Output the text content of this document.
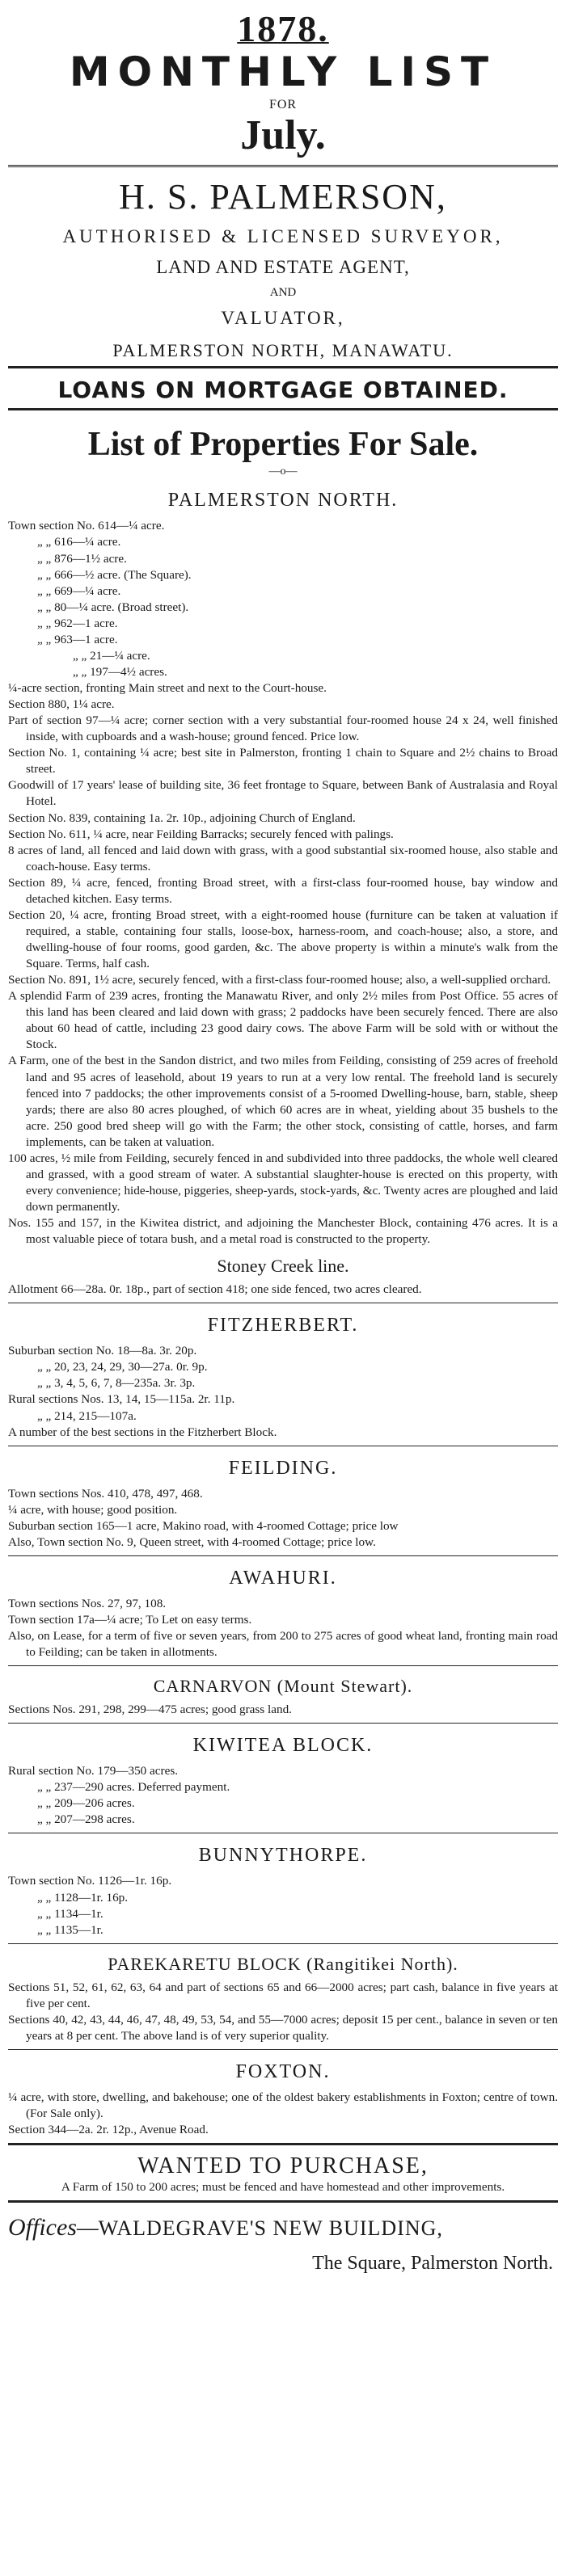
1878.
MONTHLY LIST
FOR
July.
H. S. PALMERSON,
AUTHORISED & LICENSED SURVEYOR,
LAND AND ESTATE AGENT,
AND
VALUATOR,
PALMERSTON NORTH, MANAWATU.
LOANS ON MORTGAGE OBTAINED.
List of Properties For Sale.
—o—
PALMERSTON NORTH.
Town section No. 614—¼ acre.
„ „ 616—¼ acre.
„ „ 876—1½ acre.
„ „ 666—½ acre. (The Square).
„ „ 669—¼ acre.
„ „ 80—¼ acre. (Broad street).
„ „ 962—1 acre.
„ „ 963—1 acre.
„ „ 21—¼ acre.
„ „ 197—4½ acres.
¼-acre section, fronting Main street and next to the Court-house.
Section 880, 1¼ acre.
Part of section 97—¼ acre; corner section with a very substantial four-roomed house 24 x 24, well finished inside, with cupboards and a wash-house; ground fenced. Price low.
Section No. 1, containing ¼ acre; best site in Palmerston, fronting 1 chain to Square and 2½ chains to Broad street.
Goodwill of 17 years' lease of building site, 36 feet frontage to Square, between Bank of Australasia and Royal Hotel.
Section No. 839, containing 1a. 2r. 10p., adjoining Church of England.
Section No. 611, ¼ acre, near Feilding Barracks; securely fenced with palings.
8 acres of land, all fenced and laid down with grass, with a good substantial six-roomed house, also stable and coach-house. Easy terms.
Section 89, ¼ acre, fenced, fronting Broad street, with a first-class four-roomed house, bay window and detached kitchen. Easy terms.
Section 20, ¼ acre, fronting Broad street, with a eight-roomed house (furniture can be taken at valuation if required, a stable, containing four stalls, loose-box, harness-room, and coach-house; also, a store, and dwelling-house of four rooms, good garden, &c. The above property is within a minute's walk from the Square. Terms, half cash.
Section No. 891, 1½ acre, securely fenced, with a first-class four-roomed house; also, a well-supplied orchard.
A splendid Farm of 239 acres, fronting the Manawatu River, and only 2½ miles from Post Office. 55 acres of this land has been cleared and laid down with grass; 2 paddocks have been securely fenced. There are also about 60 head of cattle, including 23 good dairy cows. The above Farm will be sold with or without the Stock.
A Farm, one of the best in the Sandon district, and two miles from Feilding, consisting of 259 acres of freehold land and 95 acres of leasehold, about 19 years to run at a very low rental. The freehold land is securely fenced into 7 paddocks; the other improvements consist of a 5-roomed Dwelling-house, barn, stable, sheep yards; there are also 80 acres ploughed, of which 60 acres are in wheat, yielding about 35 bushels to the acre. 250 good bred sheep will go with the Farm; the other stock, consisting of cattle, horses, and farm implements, can be taken at valuation.
100 acres, ½ mile from Feilding, securely fenced in and subdivided into three paddocks, the whole well cleared and grassed, with a good stream of water. A substantial slaughter-house is erected on this property, with every convenience; hide-house, piggeries, sheep-yards, stock-yards, &c. Twenty acres are ploughed and laid down permanently.
Nos. 155 and 157, in the Kiwitea district, and adjoining the Manchester Block, containing 476 acres. It is a most valuable piece of totara bush, and a metal road is constructed to the property.
Stoney Creek line.
Allotment 66—28a. 0r. 18p., part of section 418; one side fenced, two acres cleared.
FITZHERBERT.
Suburban section No. 18—8a. 3r. 20p.
„ „ 20, 23, 24, 29, 30—27a. 0r. 9p.
„ „ 3, 4, 5, 6, 7, 8—235a. 3r. 3p.
Rural sections Nos. 13, 14, 15—115a. 2r. 11p.
„ „ 214, 215—107a.
A number of the best sections in the Fitzherbert Block.
FEILDING.
Town sections Nos. 410, 478, 497, 468.
¼ acre, with house; good position.
Suburban section 165—1 acre, Makino road, with 4-roomed Cottage; price low
Also, Town section No. 9, Queen street, with 4-roomed Cottage; price low.
AWAHURI.
Town sections Nos. 27, 97, 108.
Town section 17a—¼ acre; To Let on easy terms.
Also, on Lease, for a term of five or seven years, from 200 to 275 acres of good wheat land, fronting main road to Feilding; can be taken in allotments.
CARNARVON (Mount Stewart).
Sections Nos. 291, 298, 299—475 acres; good grass land.
KIWITEA BLOCK.
Rural section No. 179—350 acres.
„ „ 237—290 acres. Deferred payment.
„ „ 209—206 acres.
„ „ 207—298 acres.
BUNNYTHORPE.
Town section No. 1126—1r. 16p.
„ „ 1128—1r. 16p.
„ „ 1134—1r.
„ „ 1135—1r.
PAREKARETU BLOCK (Rangitikei North).
Sections 51, 52, 61, 62, 63, 64 and part of sections 65 and 66—2000 acres; part cash, balance in five years at five per cent.
Sections 40, 42, 43, 44, 46, 47, 48, 49, 53, 54, and 55—7000 acres; deposit 15 per cent., balance in seven or ten years at 8 per cent. The above land is of very superior quality.
FOXTON.
¼ acre, with store, dwelling, and bakehouse; one of the oldest bakery establishments in Foxton; centre of town. (For Sale only).
Section 344—2a. 2r. 12p., Avenue Road.
WANTED TO PURCHASE,
A Farm of 150 to 200 acres; must be fenced and have homestead and other improvements.
Offices—WALDEGRAVE'S NEW BUILDING,
The Square, Palmerston North.
